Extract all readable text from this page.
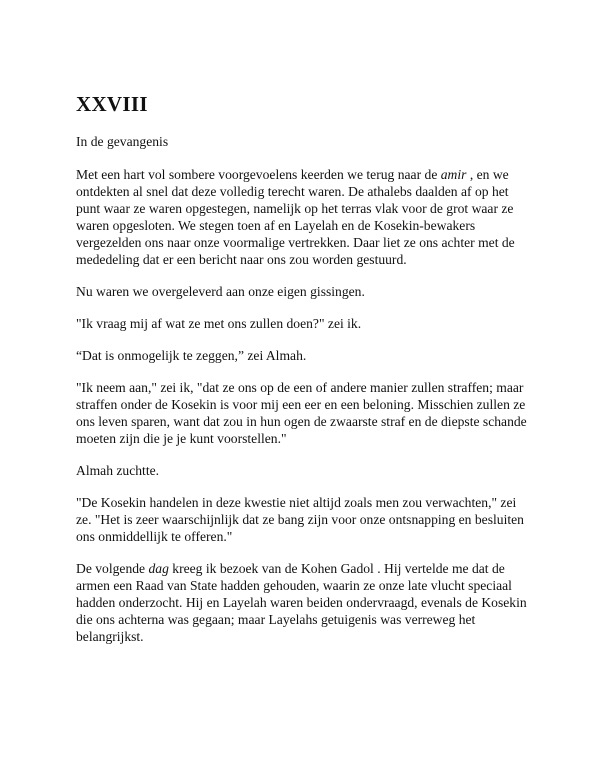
XXVIII

In de gevangenis

Met een hart vol sombere voorgevoelens keerden we terug naar de amir , en we ontdekten al snel dat deze volledig terecht waren. De athalebs daalden af op het punt waar ze waren opgestegen, namelijk op het terras vlak voor de grot waar ze waren opgesloten. We stegen toen af en Layelah en de Kosekin-bewakers vergezelden ons naar onze voormalige vertrekken. Daar liet ze ons achter met de mededeling dat er een bericht naar ons zou worden gestuurd.

Nu waren we overgeleverd aan onze eigen gissingen.

"Ik vraag mij af wat ze met ons zullen doen?" zei ik.

“Dat is onmogelijk te zeggen,” zei Almah.

"Ik neem aan," zei ik, "dat ze ons op de een of andere manier zullen straffen; maar straffen onder de Kosekin is voor mij een eer en een beloning. Misschien zullen ze ons leven sparen, want dat zou in hun ogen de zwaarste straf en de diepste schande moeten zijn die je je kunt voorstellen."

Almah zuchtte.

"De Kosekin handelen in deze kwestie niet altijd zoals men zou verwachten," zei ze. "Het is zeer waarschijnlijk dat ze bang zijn voor onze ontsnapping en besluiten ons onmiddellijk te offeren."

De volgende dag kreeg ik bezoek van de Kohen Gadol . Hij vertelde me dat de armen een Raad van State hadden gehouden, waarin ze onze late vlucht speciaal hadden onderzocht. Hij en Layelah waren beiden ondervraagd, evenals de Kosekin die ons achterna was gegaan; maar Layelahs getuigenis was verreweg het belangrijkst.
